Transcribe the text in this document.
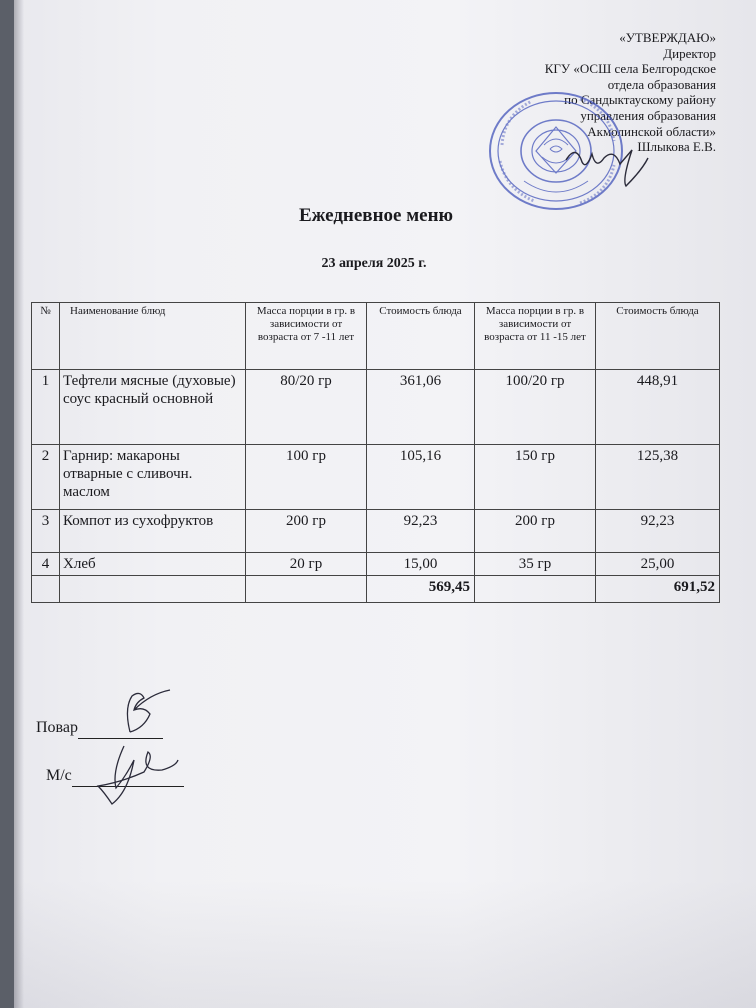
«УТВЕРЖДАЮ»
Директор
КГУ «ОСШ села Белгородское
отдела образования
по Сандыктаускому району
управления образования
Акмолинской области»
Шлыкова Е.В.
Ежедневное меню
23 апреля 2025 г.
№	Наименование блюд	Масса порции в гр. в зависимости от возраста от 7 -11 лет	Стоимость блюда	Масса порции в гр. в зависимости от возраста от 11 -15 лет	Стоимость блюда
1	Тефтели мясные (духовые) соус красный основной	80/20 гр	361,06	100/20 гр	448,91
2	Гарнир: макароны отварные с сливочн. маслом	100 гр	105,16	150 гр	125,38
3	Компот из сухофруктов	200 гр	92,23	200 гр	92,23
4	Хлеб	20 гр	15,00	35 гр	25,00
			569,45		691,52
Повар
М/с
